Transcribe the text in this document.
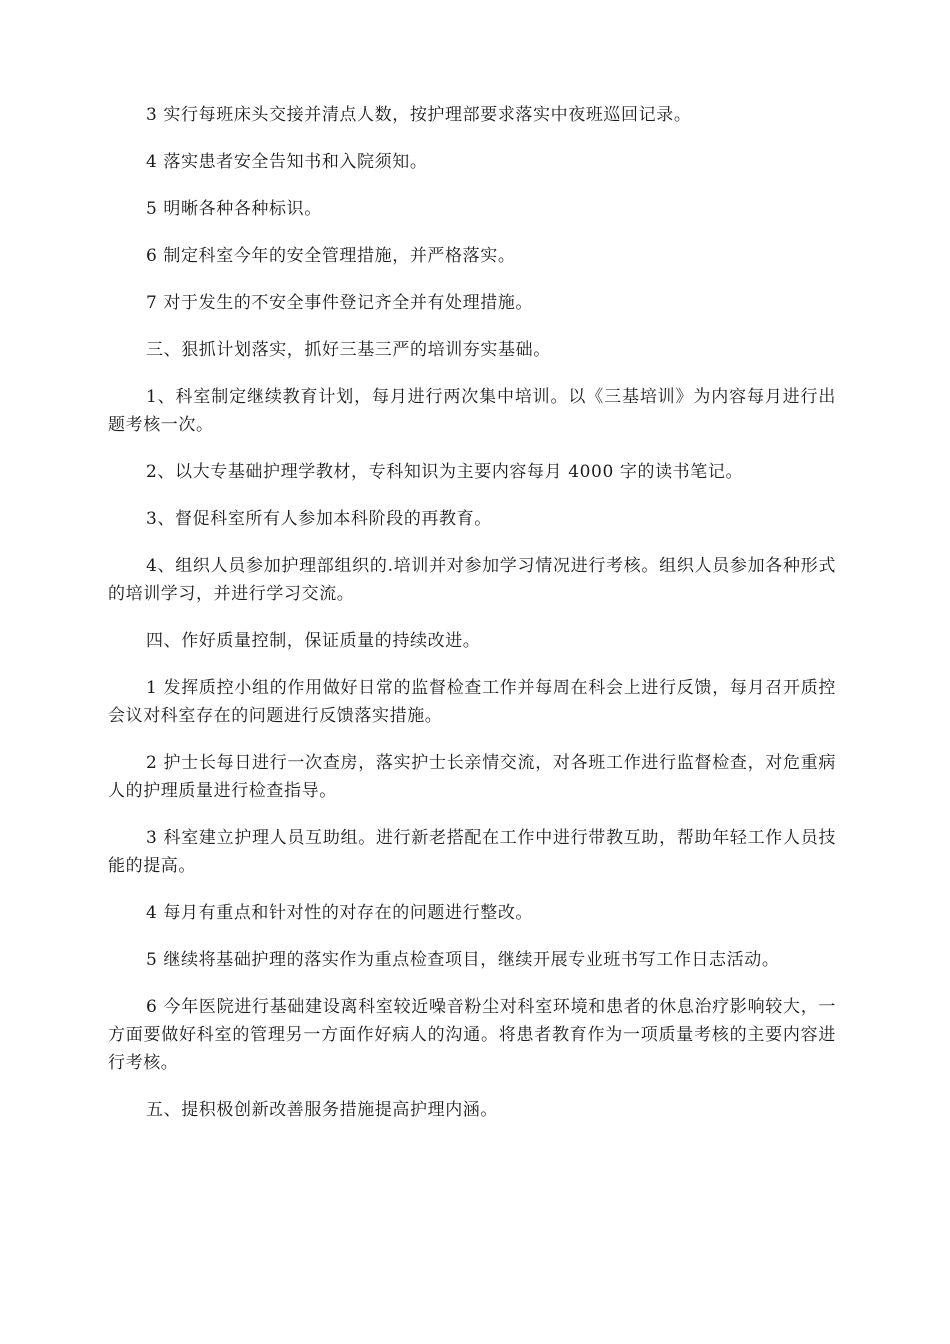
3 实行每班床头交接并清点人数，按护理部要求落实中夜班巡回记录。

4 落实患者安全告知书和入院须知。

5 明晰各种各种标识。

6 制定科室今年的安全管理措施，并严格落实。

7 对于发生的不安全事件登记齐全并有处理措施。

三、狠抓计划落实，抓好三基三严的培训夯实基础。

1、科室制定继续教育计划，每月进行两次集中培训。以《三基培训》为内容每月进行出题考核一次。

2、以大专基础护理学教材，专科知识为主要内容每月 4000 字的读书笔记。

3、督促科室所有人参加本科阶段的再教育。

4、组织人员参加护理部组织的.培训并对参加学习情况进行考核。组织人员参加各种形式的培训学习，并进行学习交流。

四、作好质量控制，保证质量的持续改进。

1 发挥质控小组的作用做好日常的监督检查工作并每周在科会上进行反馈，每月召开质控会议对科室存在的问题进行反馈落实措施。

2 护士长每日进行一次查房，落实护士长亲情交流，对各班工作进行监督检查，对危重病人的护理质量进行检查指导。

3 科室建立护理人员互助组。进行新老搭配在工作中进行带教互助，帮助年轻工作人员技能的提高。

4 每月有重点和针对性的对存在的问题进行整改。

5 继续将基础护理的落实作为重点检查项目，继续开展专业班书写工作日志活动。

6 今年医院进行基础建设离科室较近噪音粉尘对科室环境和患者的休息治疗影响较大，一方面要做好科室的管理另一方面作好病人的沟通。将患者教育作为一项质量考核的主要内容进行考核。

五、提积极创新改善服务措施提高护理内涵。
